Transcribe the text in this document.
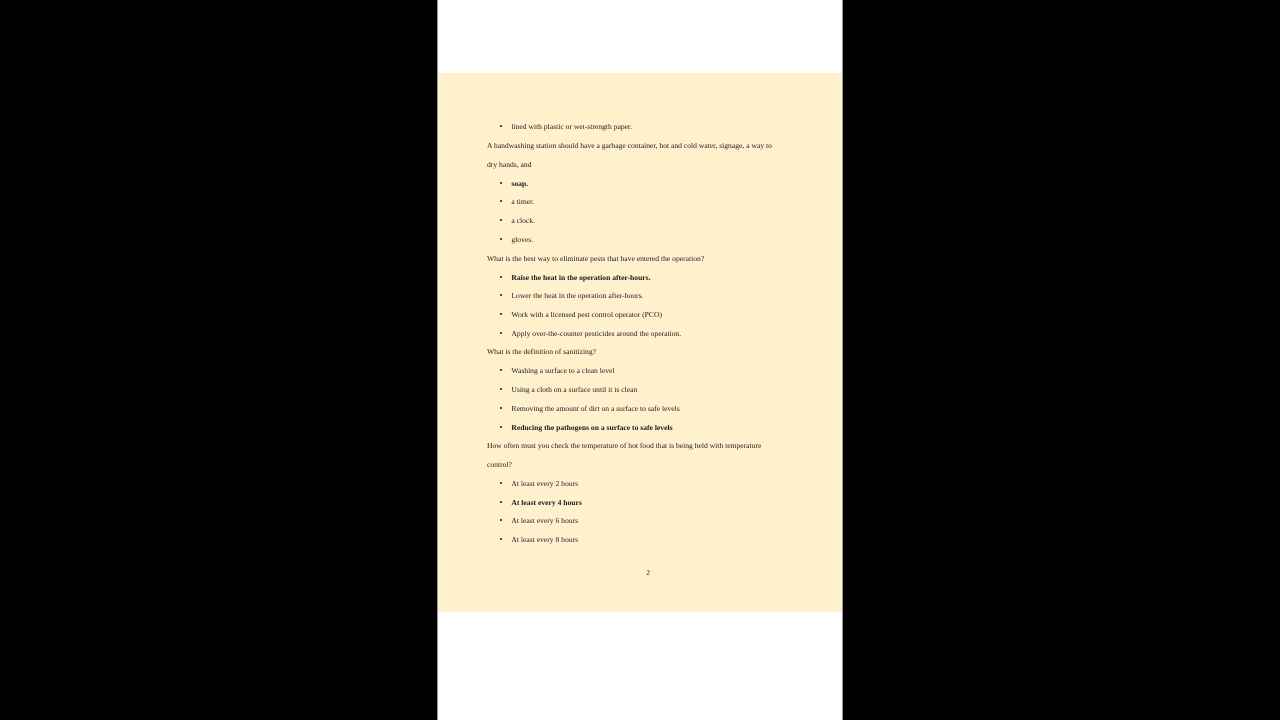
lined with plastic or wet-strength paper.
A handwashing station should have a garbage container, hot and cold water, signage, a way to
dry hands, and
soap.
a timer.
a clock.
gloves.
What is the best way to eliminate pests that have entered the operation?
Raise the heat in the operation after-hours.
Lower the heat in the operation after-hours.
Work with a licensed pest control operator (PCO)
Apply over-the-counter pesticides around the operation.
What is the definition of sanitizing?
Washing a surface to a clean level
Using a cloth on a surface until it is clean
Removing the amount of dirt on a surface to safe levels
Reducing the pathogens on a surface to safe levels
How often must you check the temperature of hot food that is being held with temperature
control?
At least every 2 hours
At least every 4 hours
At least every 6 hours
At least every 8 hours
2
